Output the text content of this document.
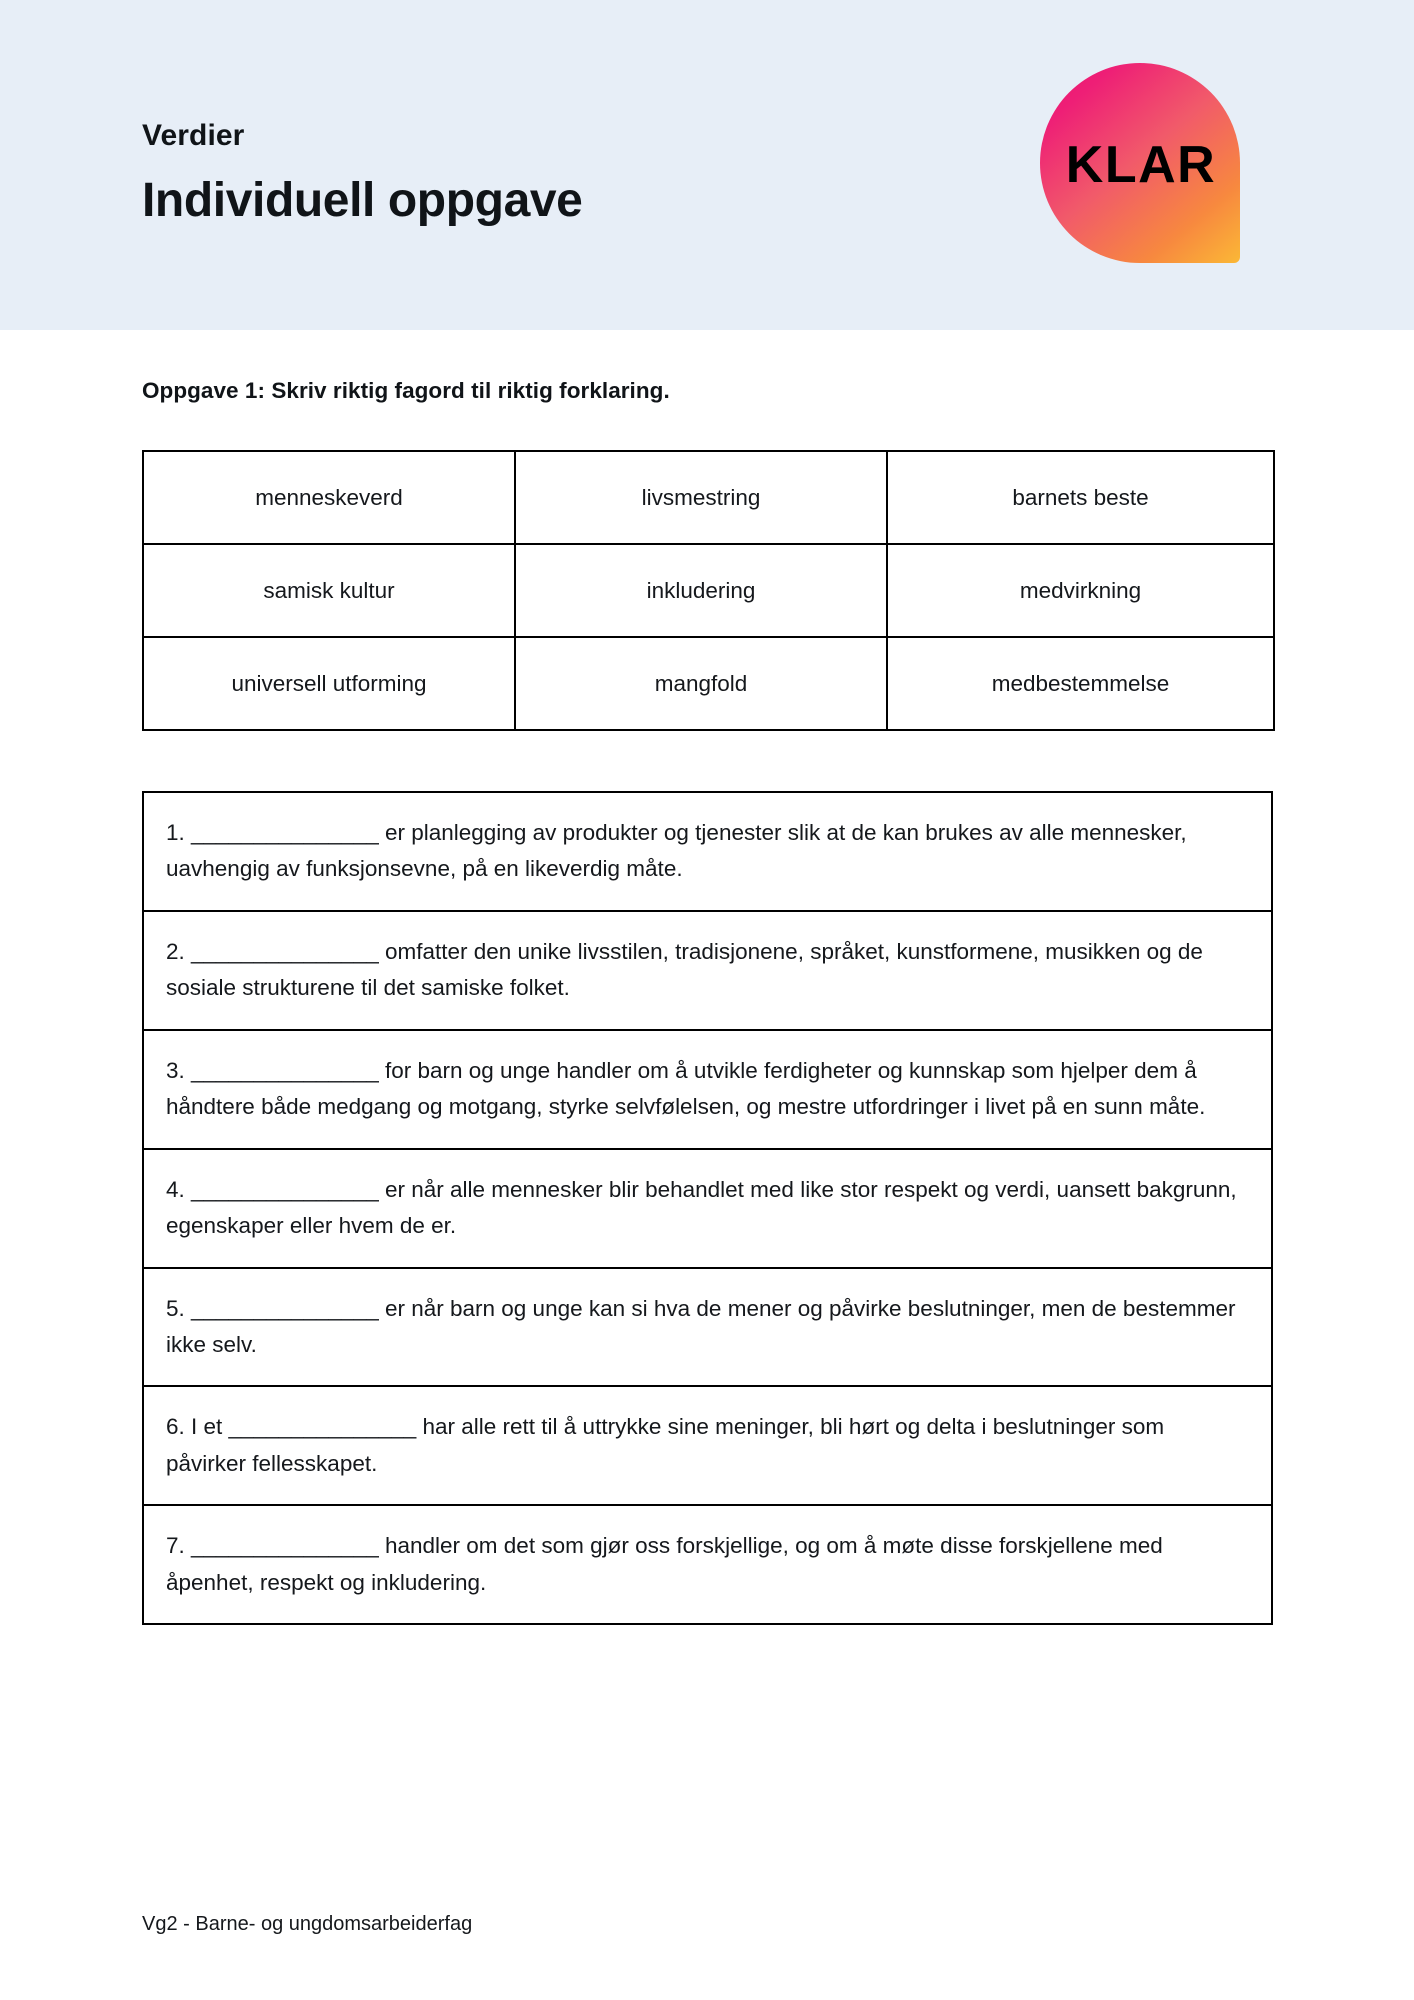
Verdier
Individuell oppgave
KLAR
Oppgave 1: Skriv riktig fagord til riktig forklaring.
menneskeverd	livsmestring	barnets beste
samisk kultur	inkludering	medvirkning
universell utforming	mangfold	medbestemmelse
1. _______________ er planlegging av produkter og tjenester slik at de kan brukes av alle mennesker, uavhengig av funksjonsevne, på en likeverdig måte.
2. _______________ omfatter den unike livsstilen, tradisjonene, språket, kunstformene, musikken og de sosiale strukturene til det samiske folket.
3. _______________ for barn og unge handler om å utvikle ferdigheter og kunnskap som hjelper dem å håndtere både medgang og motgang, styrke selvfølelsen, og mestre utfordringer i livet på en sunn måte.
4. _______________ er når alle mennesker blir behandlet med like stor respekt og verdi, uansett bakgrunn, egenskaper eller hvem de er.
5. _______________ er når barn og unge kan si hva de mener og påvirke beslutninger, men de bestemmer ikke selv.
6. I et _______________ har alle rett til å uttrykke sine meninger, bli hørt og delta i beslutninger som påvirker fellesskapet.
7. _______________ handler om det som gjør oss forskjellige, og om å møte disse forskjellene med åpenhet, respekt og inkludering.
Vg2 - Barne- og ungdomsarbeiderfag
